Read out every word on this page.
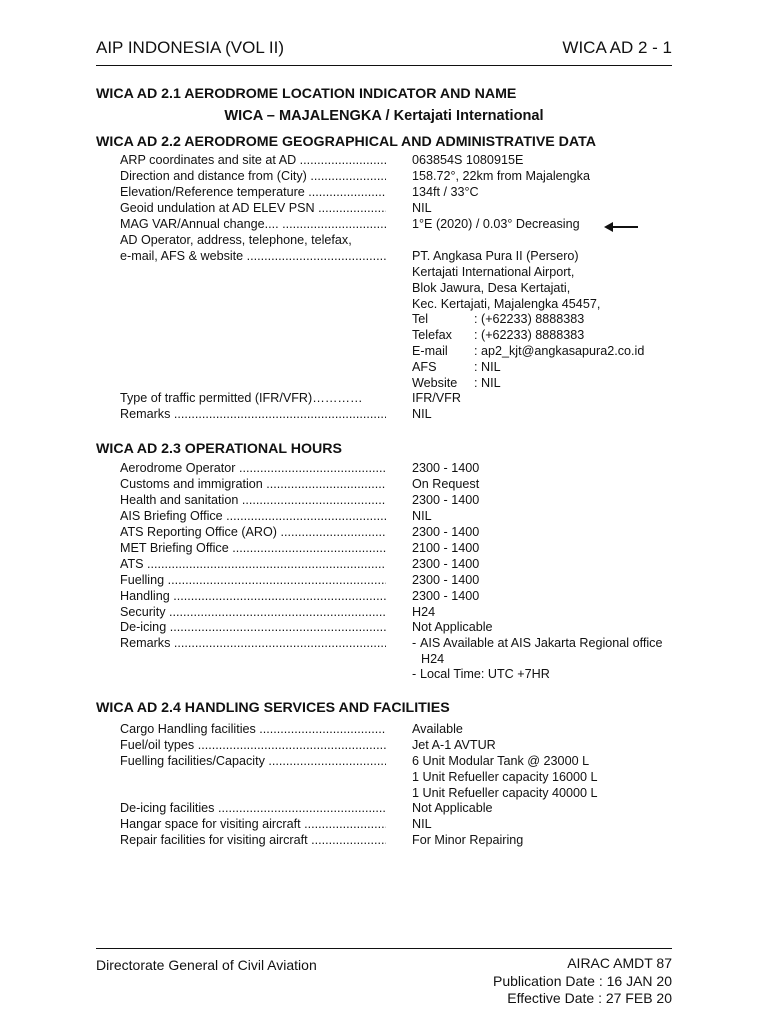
AIP INDONESIA (VOL II)	WICA AD 2 - 1
WICA AD 2.1 AERODROME LOCATION INDICATOR AND NAME
WICA – MAJALENGKA / Kertajati International
WICA AD 2.2 AERODROME GEOGRAPHICAL AND ADMINISTRATIVE DATA
ARP coordinates and site at AD .....	063854S 1080915E
Direction and distance from (City) .....	158.72°, 22km from Majalengka
Elevation/Reference temperature .....	134ft / 33°C
Geoid undulation at AD ELEV PSN .....	NIL
MAG VAR/Annual change.... .....	1°E (2020) / 0.03° Decreasing
AD Operator, address, telephone, telefax,
e-mail, AFS & website .....	PT. Angkasa Pura II (Persero)
Kertajati International Airport,
Blok Jawura, Desa Kertajati,
Kec. Kertajati, Majalengka 45457,
Tel	: (+62233) 8888383
Telefax : (+62233) 8888383
E-mail : ap2_kjt@angkasapura2.co.id
AFS	: NIL
Website : NIL
Type of traffic permitted (IFR/VFR)…………	IFR/VFR
Remarks .....	NIL
WICA AD 2.3 OPERATIONAL HOURS
Aerodrome Operator .....	2300 - 1400
Customs and immigration .....	On Request
Health and sanitation .....	2300 - 1400
AIS Briefing Office .....	NIL
ATS Reporting Office (ARO) .....	2300 - 1400
MET Briefing Office .....	2100 - 1400
ATS .....	2300 - 1400
Fuelling .....	2300 - 1400
Handling .....	2300 - 1400
Security .....	H24
De-icing .....	Not Applicable
Remarks .....	- AIS Available at AIS Jakarta Regional office
H24
- Local Time: UTC +7HR
WICA AD 2.4 HANDLING SERVICES AND FACILITIES
Cargo Handling facilities .....	Available
Fuel/oil types .....	Jet A-1 AVTUR
Fuelling facilities/Capacity .....	6 Unit Modular Tank @ 23000 L
1 Unit Refueller capacity 16000 L
1 Unit Refueller capacity 40000 L
De-icing facilities .....	Not Applicable
Hangar space for visiting aircraft .....	NIL
Repair facilities for visiting aircraft .....	For Minor Repairing
Directorate General of Civil Aviation	AIRAC AMDT 87
Publication Date : 16 JAN 20
Effective Date : 27 FEB 20
